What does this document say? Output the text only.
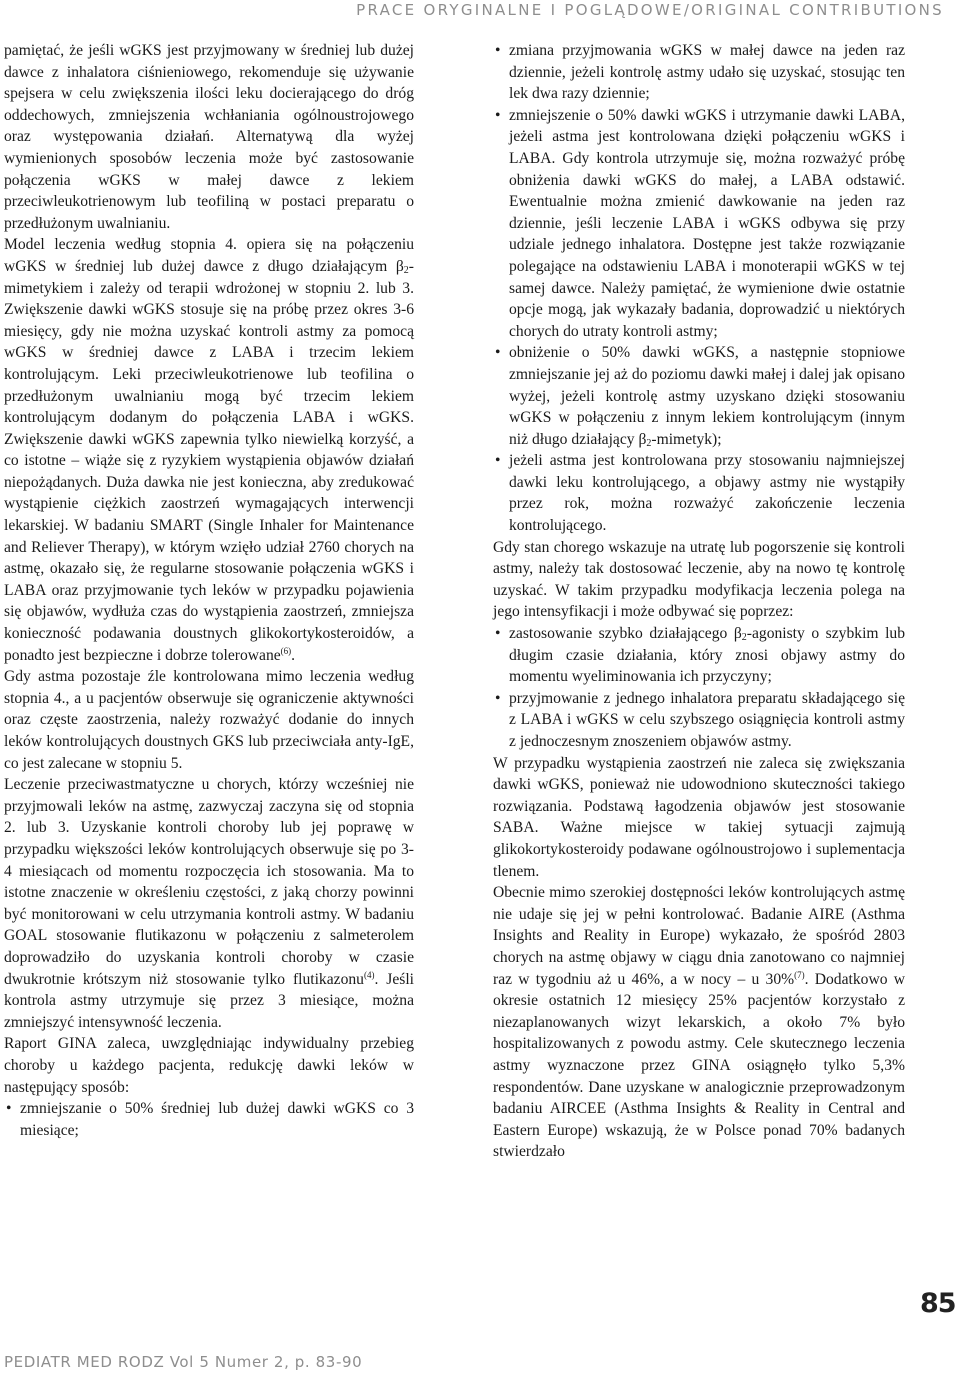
PRACE ORYGINALNE I POGLĄDOWE/ORIGINAL CONTRIBUTIONS

pamiętać, że jeśli wGKS jest przyjmowany w średniej lub dużej dawce z inhalatora ciśnieniowego, rekomenduje się używanie spejsera w celu zwiększenia ilości leku docierającego do dróg oddechowych, zmniejszenia wchłaniania ogólnoustrojowego oraz występowania działań. Alternatywą dla wyżej wymienionych sposobów leczenia może być zastosowanie połączenia wGKS w małej dawce z lekiem przeciwleukotrienowym lub teofiliną w postaci preparatu o przedłużonym uwalnianiu.

Model leczenia według stopnia 4. opiera się na połączeniu wGKS w średniej lub dużej dawce z długo działającym β2-mimetykiem i zależy od terapii wdrożonej w stopniu 2. lub 3. Zwiększenie dawki wGKS stosuje się na próbę przez okres 3-6 miesięcy, gdy nie można uzyskać kontroli astmy za pomocą wGKS w średniej dawce z LABA i trzecim lekiem kontrolującym. Leki przeciwleukotrienowe lub teofilina o przedłużonym uwalnianiu mogą być trzecim lekiem kontrolującym dodanym do połączenia LABA i wGKS. Zwiększenie dawki wGKS zapewnia tylko niewielką korzyść, a co istotne – wiąże się z ryzykiem wystąpienia objawów działań niepożądanych. Duża dawka nie jest konieczna, aby zredukować wystąpienie ciężkich zaostrzeń wymagających interwencji lekarskiej. W badaniu SMART (Single Inhaler for Maintenance and Reliever Therapy), w którym wzięło udział 2760 chorych na astmę, okazało się, że regularne stosowanie połączenia wGKS i LABA oraz przyjmowanie tych leków w przypadku pojawienia się objawów, wydłuża czas do wystąpienia zaostrzeń, zmniejsza konieczność podawania doustnych glikokortykosteroidów, a ponadto jest bezpieczne i dobrze tolerowane$^{(6)}$.

Gdy astma pozostaje źle kontrolowana mimo leczenia według stopnia 4., a u pacjentów obserwuje się ograniczenie aktywności oraz częste zaostrzenia, należy rozważyć dodanie do innych leków kontrolujących doustnych GKS lub przeciwciała anty-IgE, co jest zalecane w stopniu 5.

Leczenie przeciwastmatyczne u chorych, którzy wcześniej nie przyjmowali leków na astmę, zazwyczaj zaczyna się od stopnia 2. lub 3. Uzyskanie kontroli choroby lub jej poprawę w przypadku większości leków kontrolujących obserwuje się po 3-4 miesiącach od momentu rozpoczęcia ich stosowania. Ma to istotne znaczenie w określeniu częstości, z jaką chorzy powinni być monitorowani w celu utrzymania kontroli astmy. W badaniu GOAL stosowanie flutikazonu w połączeniu z salmeterolem doprowadziło do uzyskania kontroli choroby w czasie dwukrotnie krótszym niż stosowanie tylko flutikazonu$^{(4)}$. Jeśli kontrola astmy utrzymuje się przez 3 miesiące, można zmniejszyć intensywność leczenia.

Raport GINA zaleca, uwzględniając indywidualny przebieg choroby u każdego pacjenta, redukcję dawki leków w następujący sposób:

• zmniejszanie o 50% średniej lub dużej dawki wGKS co 3 miesiące;
• zmiana przyjmowania wGKS w małej dawce na jeden raz dziennie, jeżeli kontrolę astmy udało się uzyskać, stosując ten lek dwa razy dziennie;
• zmniejszenie o 50% dawki wGKS i utrzymanie dawki LABA, jeżeli astma jest kontrolowana dzięki połączeniu wGKS i LABA. Gdy kontrola utrzymuje się, można rozważyć próbę obniżenia dawki wGKS do małej, a LABA odstawić. Ewentualnie można zmienić dawkowanie na jeden raz dziennie, jeśli leczenie LABA i wGKS odbywa się przy udziale jednego inhalatora. Dostępne jest także rozwiązanie polegające na odstawieniu LABA i monoterapii wGKS w tej samej dawce. Należy pamiętać, że wymienione dwie ostatnie opcje mogą, jak wykazały badania, doprowadzić u niektórych chorych do utraty kontroli astmy;
• obniżenie o 50% dawki wGKS, a następnie stopniowe zmniejszanie jej aż do poziomu dawki małej i dalej jak opisano wyżej, jeżeli kontrolę astmy uzyskano dzięki stosowaniu wGKS w połączeniu z innym lekiem kontrolującym (innym niż długo działający β2-mimetyk);
• jeżeli astma jest kontrolowana przy stosowaniu najmniejszej dawki leku kontrolującego, a objawy astmy nie wystąpiły przez rok, można rozważyć zakończenie leczenia kontrolującego.

Gdy stan chorego wskazuje na utratę lub pogorszenie się kontroli astmy, należy tak dostosować leczenie, aby na nowo tę kontrolę uzyskać. W takim przypadku modyfikacja leczenia polega na jego intensyfikacji i może odbywać się poprzez:

• zastosowanie szybko działającego β2-agonisty o szybkim lub długim czasie działania, który znosi objawy astmy do momentu wyeliminowania ich przyczyny;
• przyjmowanie z jednego inhalatora preparatu składającego się z LABA i wGKS w celu szybszego osiągnięcia kontroli astmy z jednoczesnym znoszeniem objawów astmy.

W przypadku wystąpienia zaostrzeń nie zaleca się zwiększania dawki wGKS, ponieważ nie udowodniono skuteczności takiego rozwiązania. Podstawą łagodzenia objawów jest stosowanie SABA. Ważne miejsce w takiej sytuacji zajmują glikokortykosteroidy podawane ogólnoustrojowo i suplementacja tlenem.

Obecnie mimo szerokiej dostępności leków kontrolujących astmę nie udaje się jej w pełni kontrolować. Badanie AIRE (Asthma Insights and Reality in Europe) wykazało, że spośród 2803 chorych na astmę objawy w ciągu dnia zanotowano co najmniej raz w tygodniu aż u 46%, a w nocy – u 30%$^{(7)}$. Dodatkowo w okresie ostatnich 12 miesięcy 25% pacjentów korzystało z niezaplanowanych wizyt lekarskich, a około 7% było hospitalizowanych z powodu astmy. Cele skutecznego leczenia astmy wyznaczone przez GINA osiągnęło tylko 5,3% respondentów. Dane uzyskane w analogicznie przeprowadzonym badaniu AIRCEE (Asthma Insights & Reality in Central and Eastern Europe) wskazują, że w Polsce ponad 70% badanych stwierdzało

85
PEDIATR MED RODZ Vol 5 Numer 2, p. 83-90
